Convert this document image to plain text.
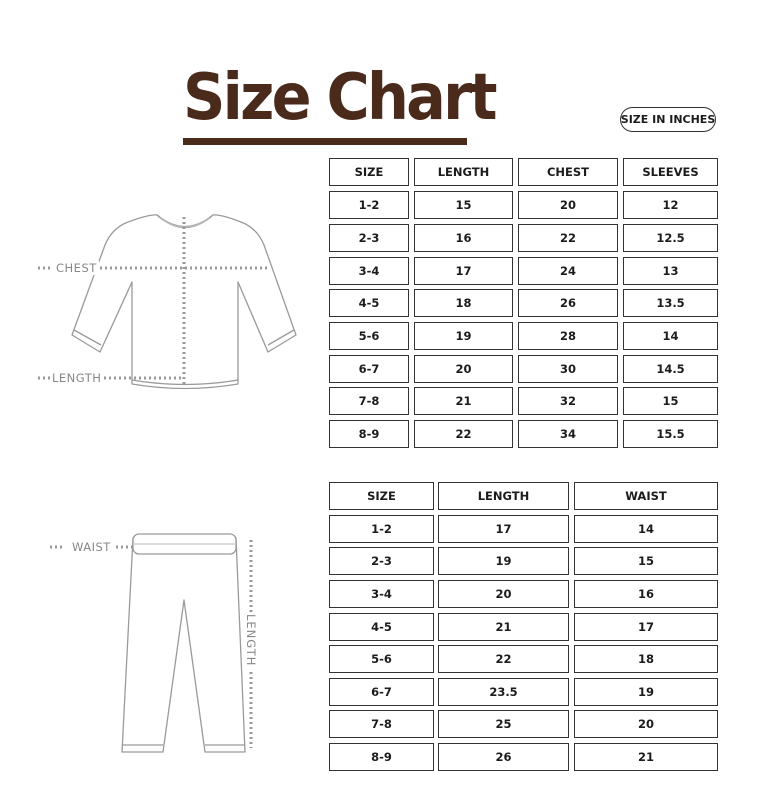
Size Chart	SIZE IN INCHES
CHEST
LENGTH
WAIST
LENGTH
SIZE	LENGTH	CHEST	SLEEVES
1-2	15	20	12
2-3	16	22	12.5
3-4	17	24	13
4-5	18	26	13.5
5-6	19	28	14
6-7	20	30	14.5
7-8	21	32	15
8-9	22	34	15.5
SIZE	LENGTH	WAIST
1-2	17	14
2-3	19	15
3-4	20	16
4-5	21	17
5-6	22	18
6-7	23.5	19
7-8	25	20
8-9	26	21
